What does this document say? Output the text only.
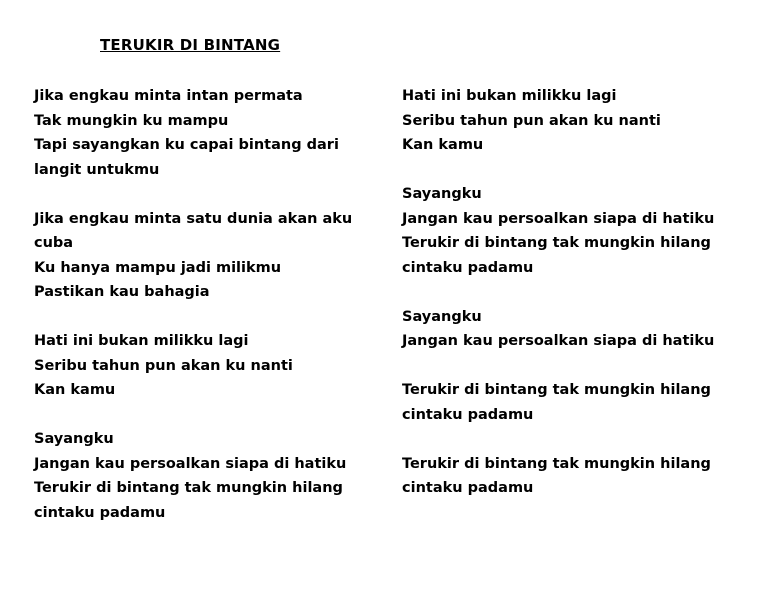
TERUKIR DI BINTANG
Jika engkau minta intan permata
Tak mungkin ku mampu
Tapi sayangkan ku capai bintang dari
langit untukmu
Jika engkau minta satu dunia akan aku
cuba
Ku hanya mampu jadi milikmu
Pastikan kau bahagia
Hati ini bukan milikku lagi
Seribu tahun pun akan ku nanti
Kan kamu
Sayangku
Jangan kau persoalkan siapa di hatiku
Terukir di bintang tak mungkin hilang
cintaku padamu
Hati ini bukan milikku lagi
Seribu tahun pun akan ku nanti
Kan kamu
Sayangku
Jangan kau persoalkan siapa di hatiku
Terukir di bintang tak mungkin hilang
cintaku padamu
Sayangku
Jangan kau persoalkan siapa di hatiku
Terukir di bintang tak mungkin hilang
cintaku padamu
Terukir di bintang tak mungkin hilang
cintaku padamu
